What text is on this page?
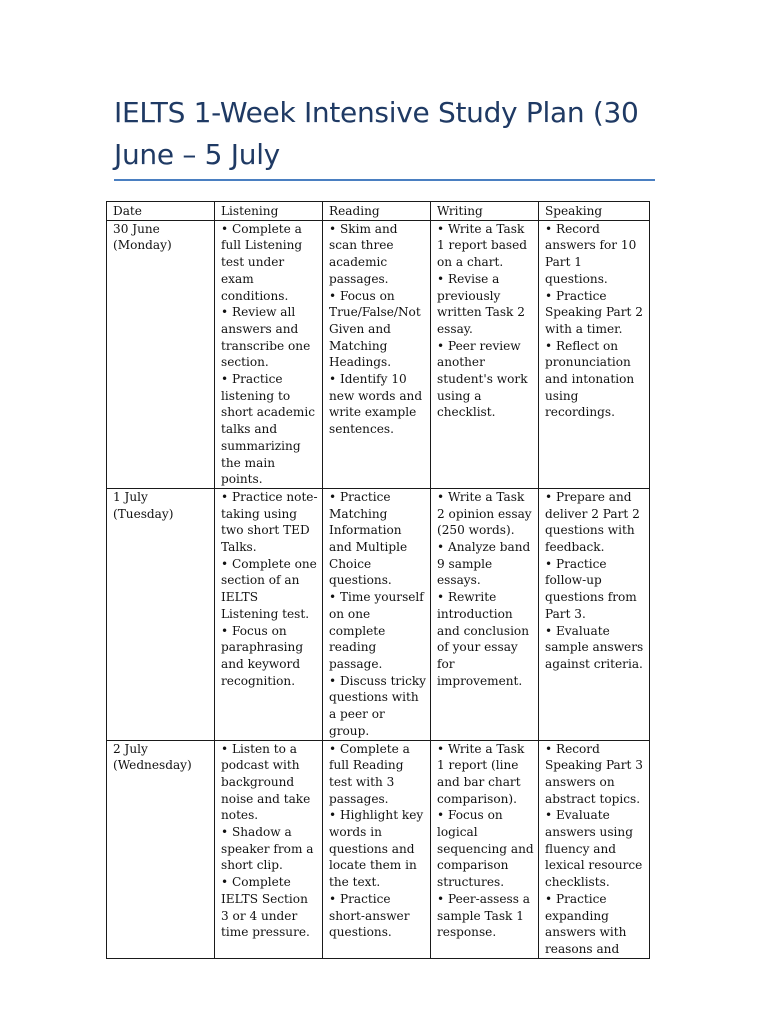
IELTS 1-Week Intensive Study Plan (30 June – 5 July
Date	Listening	Reading	Writing	Speaking

30 June
(Monday)	• Complete a full Listening test under exam conditions.
• Review all answers and transcribe one section.
• Practice listening to short academic talks and summarizing the main points.	• Skim and scan three academic passages.
• Focus on True/False/Not Given and Matching Headings.
• Identify 10 new words and write example sentences.	• Write a Task 1 report based on a chart.
• Revise a previously written Task 2 essay.
• Peer review another student's work using a checklist.	• Record answers for 10 Part 1 questions.
• Practice Speaking Part 2 with a timer.
• Reflect on pronunciation and intonation using recordings.

1 July
(Tuesday)	• Practice note-taking using two short TED Talks.
• Complete one section of an IELTS Listening test.
• Focus on paraphrasing and keyword recognition.	• Practice Matching Information and Multiple Choice questions.
• Time yourself on one complete reading passage.
• Discuss tricky questions with a peer or group.	• Write a Task 2 opinion essay (250 words).
• Analyze band 9 sample essays.
• Rewrite introduction and conclusion of your essay for improvement.	• Prepare and deliver 2 Part 2 questions with feedback.
• Practice follow-up questions from Part 3.
• Evaluate sample answers against criteria.

2 July
(Wednesday)	• Listen to a podcast with background noise and take notes.
• Shadow a speaker from a short clip.
• Complete IELTS Section 3 or 4 under time pressure.	• Complete a full Reading test with 3 passages.
• Highlight key words in questions and locate them in the text.
• Practice short-answer questions.	• Write a Task 1 report (line and bar chart comparison).
• Focus on logical sequencing and comparison structures.
• Peer-assess a sample Task 1 response.	• Record Speaking Part 3 answers on abstract topics.
• Evaluate answers using fluency and lexical resource checklists.
• Practice expanding answers with reasons and
